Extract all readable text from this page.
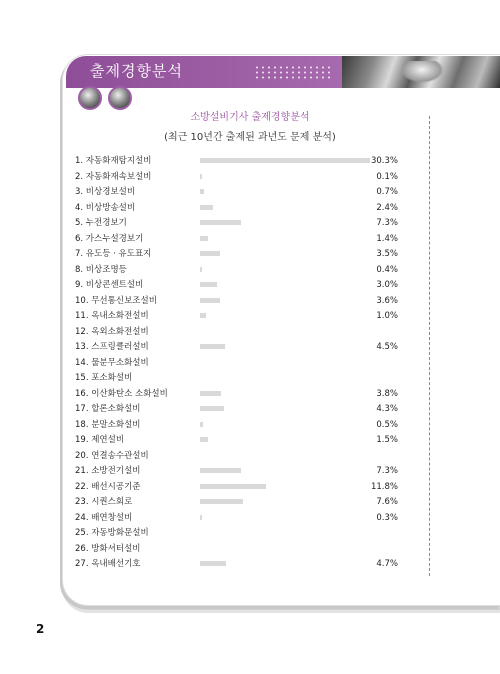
출제경향분석
소방설비기사 출제경향분석
(최근 10년간 출제된 과년도 문제 분석)
1. 자동화재탐지설비	30.3%
2. 자동화재속보설비	0.1%
3. 비상경보설비	0.7%
4. 비상방송설비	2.4%
5. 누전경보기	7.3%
6. 가스누설경보기	1.4%
7. 유도등 · 유도표지	3.5%
8. 비상조명등	0.4%
9. 비상콘센트설비	3.0%
10. 무선통신보조설비	3.6%
11. 옥내소화전설비	1.0%
12. 옥외소화전설비
13. 스프링클러설비	4.5%
14. 물분무소화설비
15. 포소화설비
16. 이산화탄소 소화설비	3.8%
17. 할론소화설비	4.3%
18. 분말소화설비	0.5%
19. 제연설비	1.5%
20. 연결송수관설비
21. 소방전기설비	7.3%
22. 배선시공기준	11.8%
23. 시퀀스회로	7.6%
24. 배연창설비	0.3%
25. 자동방화문설비
26. 방화셔터설비
27. 옥내배선기호	4.7%
2
